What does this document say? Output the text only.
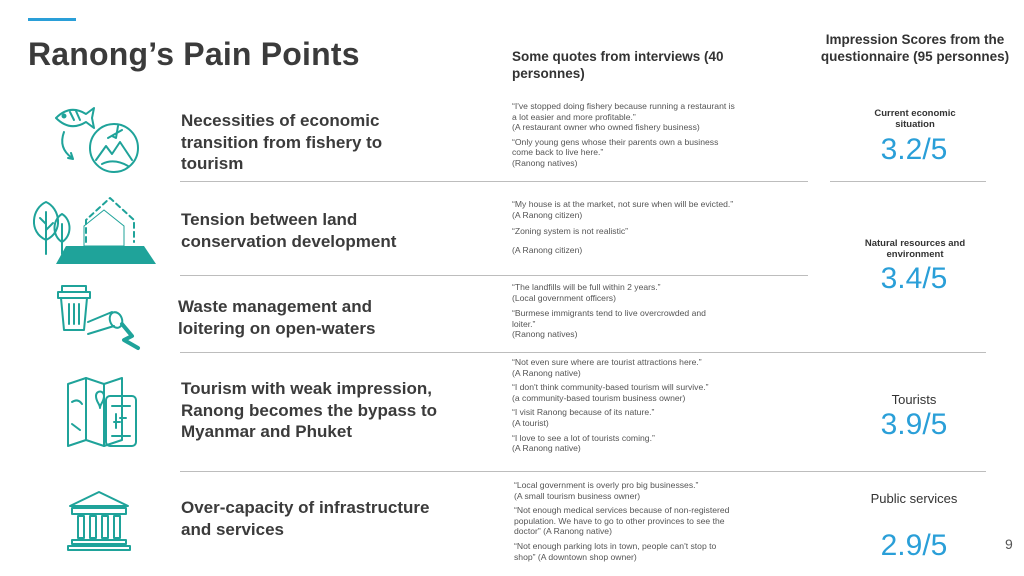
Ranong’s Pain Points	Some quotes from interviews (40 personnes)
Impression Scores from the questionnaire (95 personnes)
Necessities of economic
transition from fishery to
tourism

“I've stopped doing fishery because running a restaurant is
a lot easier and more profitable.”
(A restaurant owner who owned fishery business)

“Only young gens whose their parents own a business
come back to live here.”
(Ranong natives)

Tension between land
conservation development

“My house is at the market, not sure when will be evicted.”
(A Ranong citizen)

“Zoning system is not realistic”

(A Ranong citizen)

Waste management and
loitering on open-waters

“The landfills will be full within 2 years.”
(Local government officers)

“Burmese immigrants tend to live overcrowded and
loiter.”
(Ranong natives)

Tourism with weak impression,
Ranong becomes the bypass to
Myanmar and Phuket

“Not even sure where are tourist attractions here.”
(A Ranong native)

“I don't think community-based tourism will survive.”
(a community-based tourism business owner)

“I visit Ranong because of its nature.”
(A tourist)

“I love to see a lot of tourists coming.”
(A Ranong native)

Over-capacity of infrastructure
and services

“Local government is overly pro big businesses.”
(A small tourism business owner)

“Not enough medical services because of non-registered
population. We have to go to other provinces to see the
doctor” (A Ranong native)

“Not enough parking lots in town, people can't stop to
shop” (A downtown shop owner)

Current economic situation
3.2/5
Natural resources and environment
3.4/5
Tourists
3.9/5
Public services
2.9/5	9
